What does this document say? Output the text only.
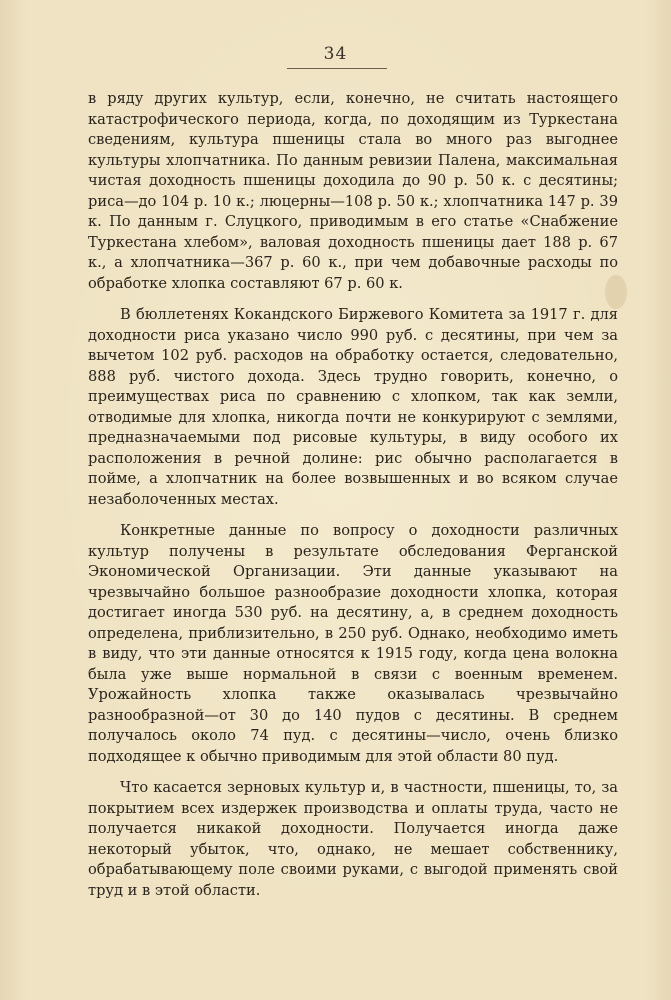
34

в ряду других культур, если, конечно, не считать настоящего катастрофического периода, когда, по доходящим из Туркестана сведениям, культура пшеницы стала во много раз выгоднее культуры хлопчатника. По данным ревизии Палена, максимальная чистая доходность пшеницы доходила до 90 р. 50 к. с десятины; риса—до 104 р. 10 к.; люцерны—108 р. 50 к.; хлопчатника 147 р. 39 к. По данным г. Слуцкого, приводимым в его статье «Снабжение Туркестана хлебом», валовая доходность пшеницы дает 188 р. 67 к., а хлопчатника—367 р. 60 к., при чем добавочные расходы по обработке хлопка составляют 67 р. 60 к.

В бюллетенях Кокандского Биржевого Комитета за 1917 г. для доходности риса указано число 990 руб. с десятины, при чем за вычетом 102 руб. расходов на обработку остается, следовательно, 888 руб. чистого дохода. Здесь трудно говорить, конечно, о преимуществах риса по сравнению с хлопком, так как земли, отводимые для хлопка, никогда почти не конкурируют с землями, предназначаемыми под рисовые культуры, в виду особого их расположения в речной долине: рис обычно располагается в пойме, а хлопчатник на более возвышенных и во всяком случае незаболоченных местах.

Конкретные данные по вопросу о доходности различных культур получены в результате обследования Ферганской Экономической Организации. Эти данные указывают на чрезвычайно большое разнообразие доходности хлопка, которая достигает иногда 530 руб. на десятину, а, в среднем доходность определена, приблизительно, в 250 руб. Однако, необходимо иметь в виду, что эти данные относятся к 1915 году, когда цена волокна была уже выше нормальной в связи с военным временем. Урожайность хлопка также оказывалась чрезвычайно разнообразной—от 30 до 140 пудов с десятины. В среднем получалось около 74 пуд. с десятины—число, очень близко подходящее к обычно приводимым для этой области 80 пуд.

Что касается зерновых культур и, в частности, пшеницы, то, за покрытием всех издержек производства и оплаты труда, часто не получается никакой доходности. Получается иногда даже некоторый убыток, что, однако, не мешает собственнику, обрабатывающему поле своими руками, с выгодой применять свой труд и в этой области.
